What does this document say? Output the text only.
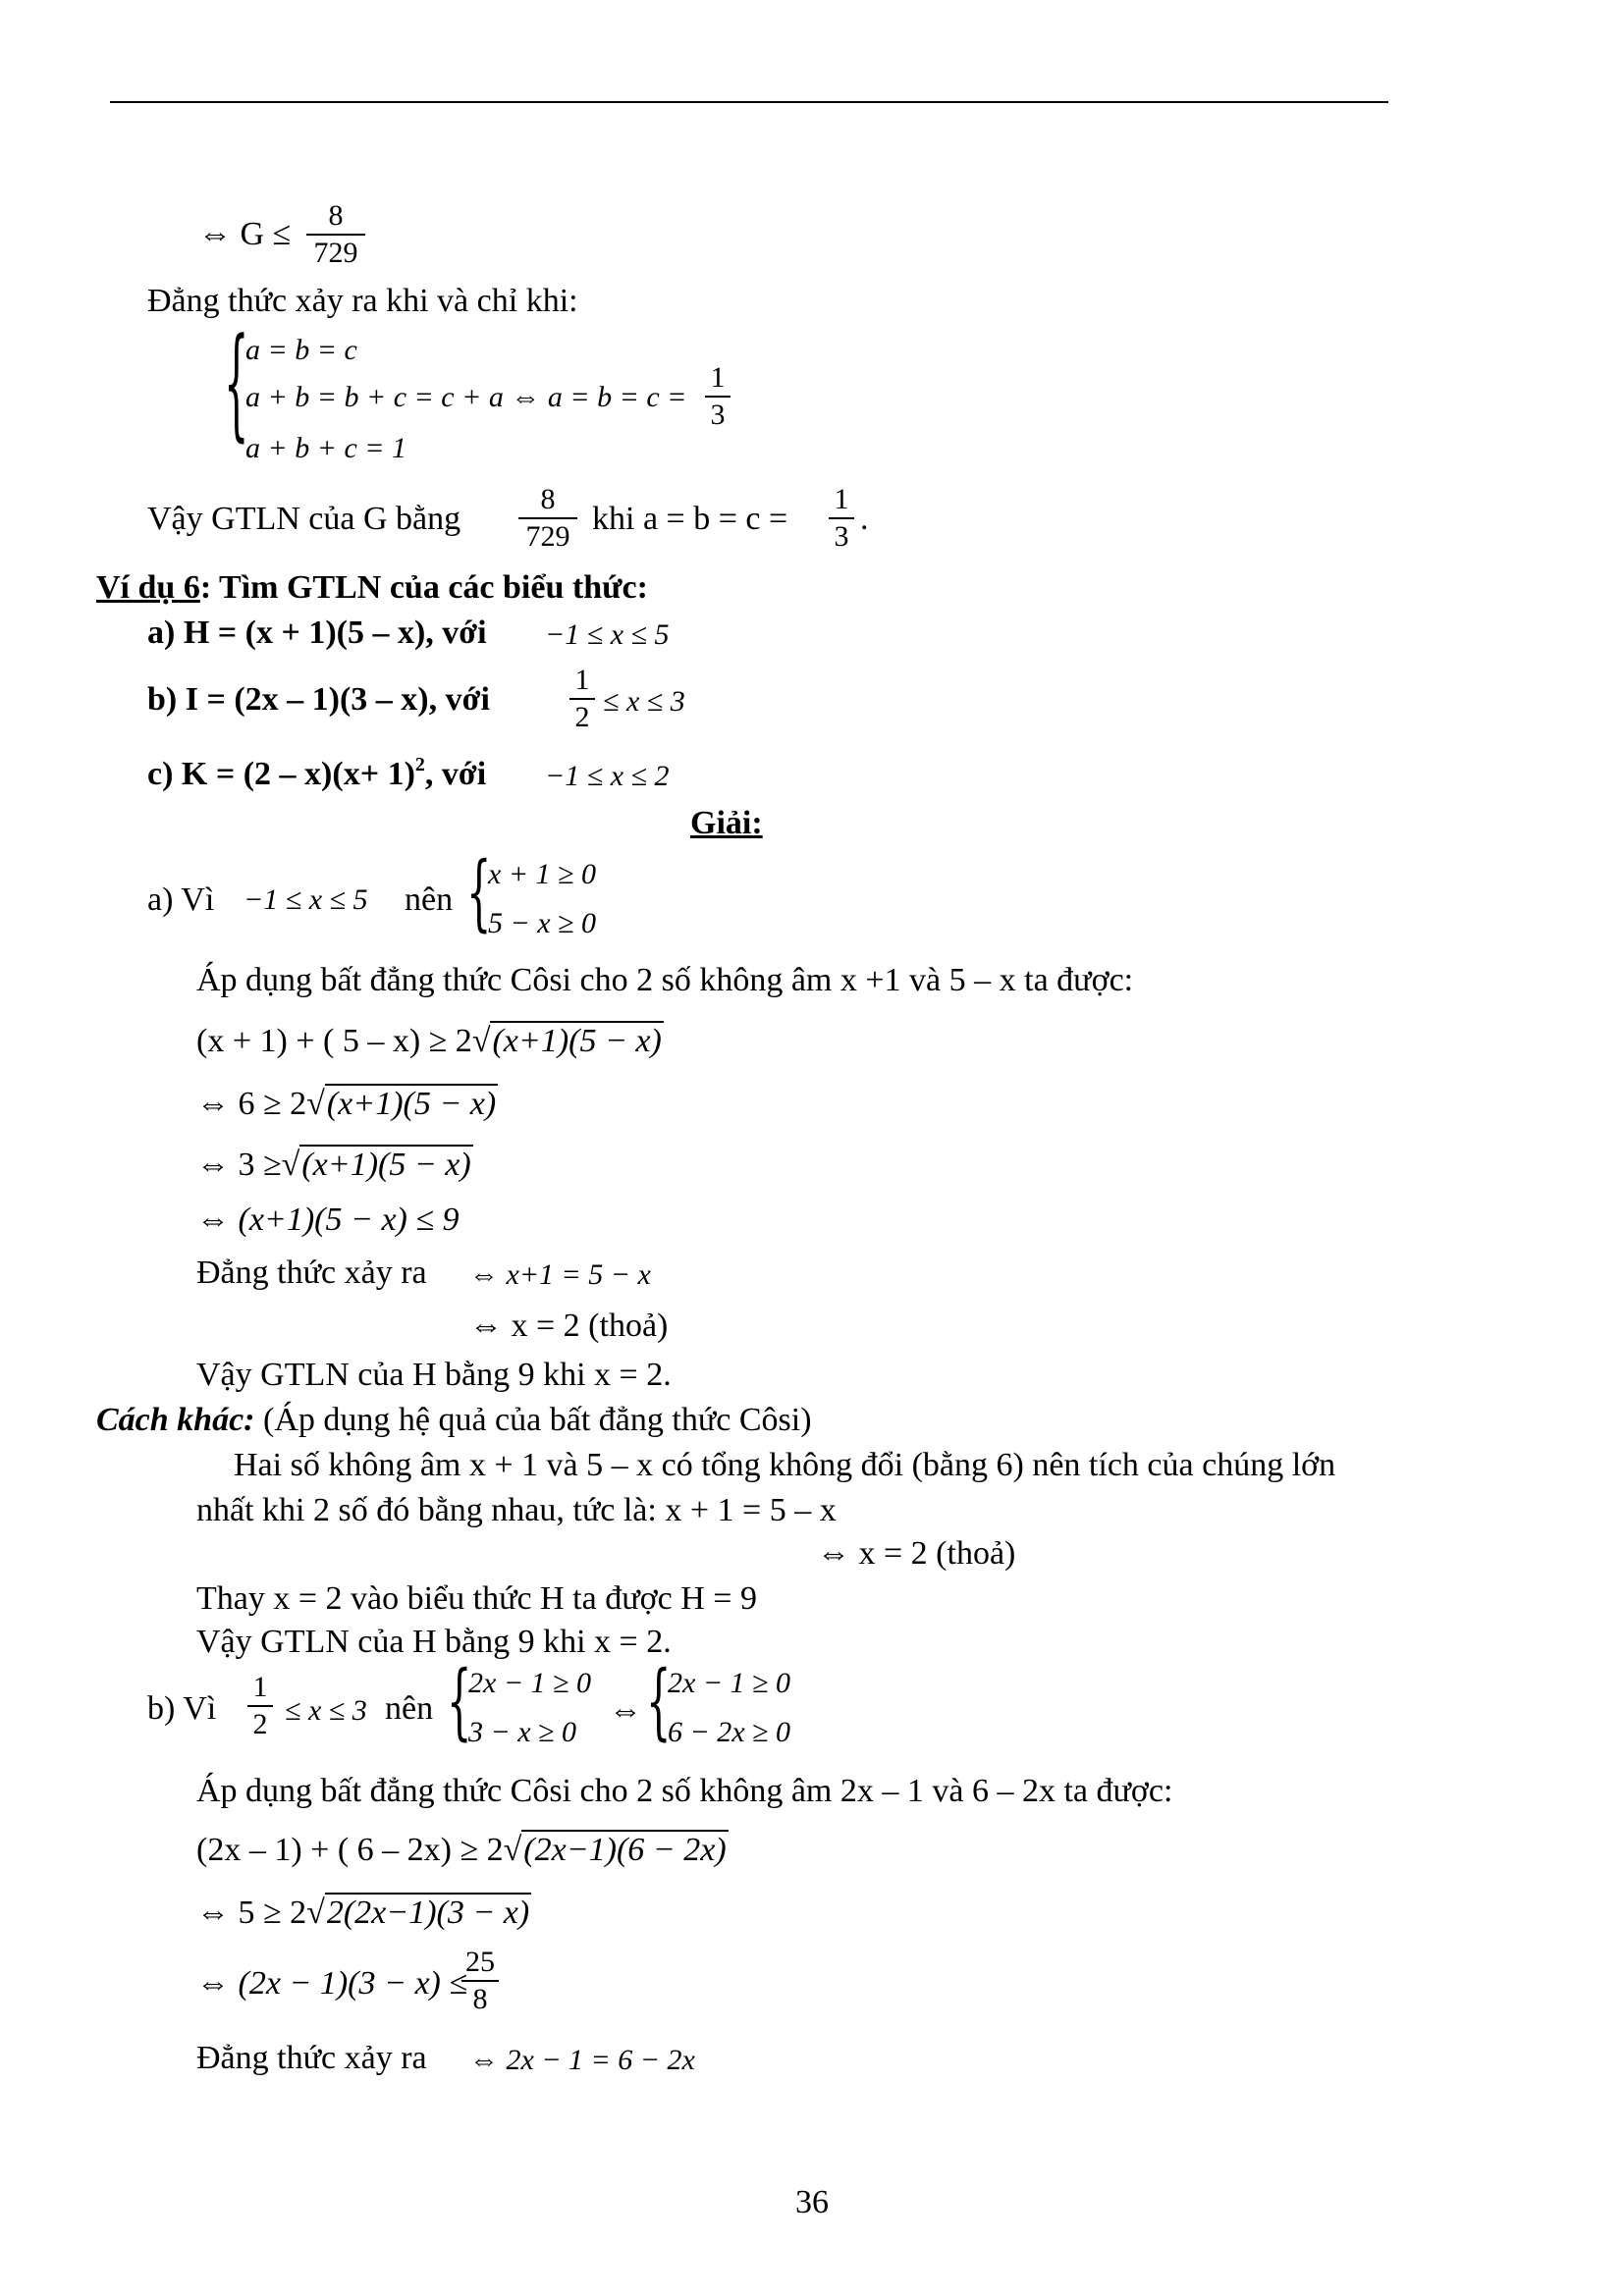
⇔ G ≤
8
729
Đẳng thức xảy ra khi và chỉ khi:
{
a = b = c
a + b = b + c = c + a ⇔ a = b = c =
1
3
a + b + c = 1
Vậy GTLN của G bằng
8
729 khi a = b = c =
1
3 .
Ví dụ 6: Tìm GTLN của các biểu thức:
a) H = (x + 1)(5 – x), với −1 ≤ x ≤ 5
b) I = (2x – 1)(3 – x), với
1
2 ≤ x ≤ 3
c) $K = (2 - x)(x+ 1)^2$, với −1 ≤ x ≤ 2
Giải:
a) Vì −1 ≤ x ≤ 5 nên {
x + 1 ≥ 0
5 − x ≥ 0
Áp dụng bất đẳng thức Côsi cho 2 số không âm x +1 và 5 – x ta được:
(x + 1) + ( 5 – x) ≥ 2√(x+1)(5 − x)
⇔ 6 ≥ 2√(x+1)(5 − x)
⇔ 3 ≥√(x+1)(5 − x)
⇔ (x+1)(5 − x) ≤ 9
Đẳng thức xảy ra ⇔ x+1 = 5 − x
⇔ x = 2 (thoả)
Vậy GTLN của H bằng 9 khi x = 2.
Cách khác: (Áp dụng hệ quả của bất đẳng thức Côsi)
Hai số không âm x + 1 và 5 – x có tổng không đổi (bằng 6) nên tích của chúng lớn
nhất khi 2 số đó bằng nhau, tức là: x + 1 = 5 – x
⇔ x = 2 (thoả)
Thay x = 2 vào biểu thức H ta được H = 9
Vậy GTLN của H bằng 9 khi x = 2.
b) Vì
1
2 ≤ x ≤ 3 nên {
2x − 1 ≥ 0
3 − x ≥ 0
⇔ {
2x − 1 ≥ 0
6 − 2x ≥ 0
Áp dụng bất đẳng thức Côsi cho 2 số không âm 2x – 1 và 6 – 2x ta được:
(2x – 1) + ( 6 – 2x) ≥ 2√(2x−1)(6 − 2x)
⇔ 5 ≥ 2√2(2x−1)(3 − x)
⇔ (2x − 1)(3 − x) ≤
25
8
Đẳng thức xảy ra ⇔ 2x − 1 = 6 − 2x
36
